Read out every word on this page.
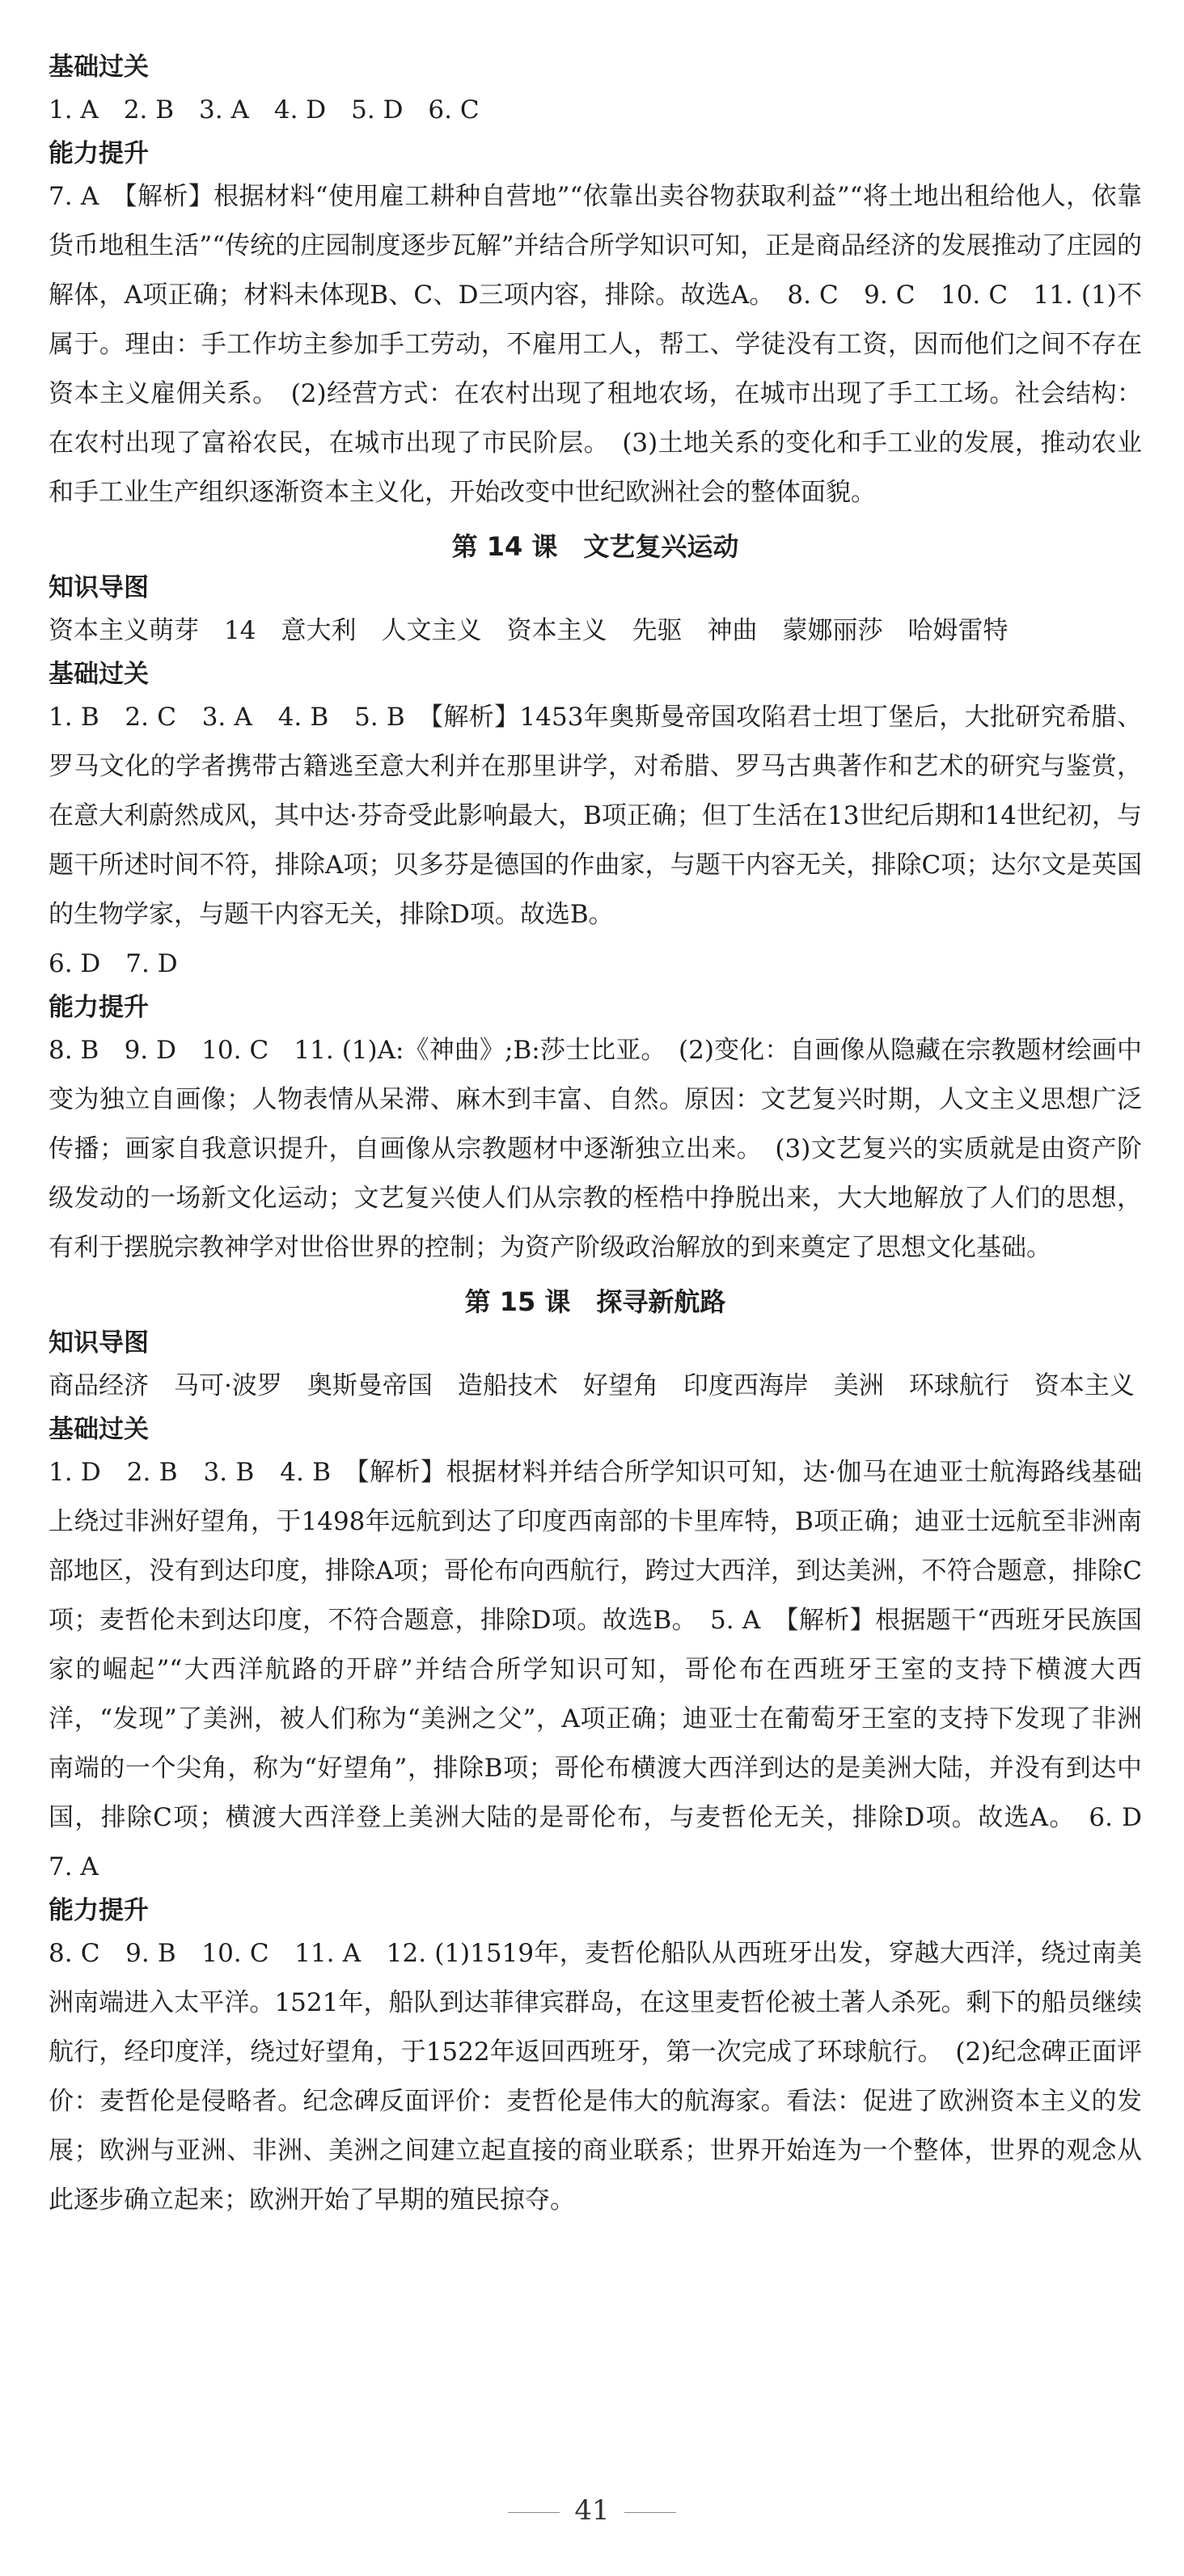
基础过关

1. A　2. B　3. A　4. D　5. D　6. C

能力提升

7. A　【解析】根据材料“使用雇工耕种自营地”“依靠出卖谷物获取利益”“将土地出租给他人，依靠货币地租生活”“传统的庄园制度逐步瓦解”并结合所学知识可知，正是商品经济的发展推动了庄园的解体，A项正确；材料未体现B、C、D三项内容，排除。故选A。　8. C　9. C　10. C　11. (1)不属于。理由：手工作坊主参加手工劳动，不雇用工人，帮工、学徒没有工资，因而他们之间不存在资本主义雇佣关系。　(2)经营方式：在农村出现了租地农场，在城市出现了手工工场。社会结构：在农村出现了富裕农民，在城市出现了市民阶层。　(3)土地关系的变化和手工业的发展，推动农业和手工业生产组织逐渐资本主义化，开始改变中世纪欧洲社会的整体面貌。

第 14 课　文艺复兴运动

知识导图

资本主义萌芽　14　意大利　人文主义　资本主义　先驱　神曲　蒙娜丽莎　哈姆雷特

基础过关

1. B　2. C　3. A　4. B　5. B　【解析】1453年奥斯曼帝国攻陷君士坦丁堡后，大批研究希腊、罗马文化的学者携带古籍逃至意大利并在那里讲学，对希腊、罗马古典著作和艺术的研究与鉴赏，在意大利蔚然成风，其中达·芬奇受此影响最大，B项正确；但丁生活在13世纪后期和14世纪初，与题干所述时间不符，排除A项；贝多芬是德国的作曲家，与题干内容无关，排除C项；达尔文是英国的生物学家，与题干内容无关，排除D项。故选B。

6. D　7. D

能力提升

8. B　9. D　10. C　11. (1)A:《神曲》;B:莎士比亚。　(2)变化：自画像从隐藏在宗教题材绘画中变为独立自画像；人物表情从呆滞、麻木到丰富、自然。原因：文艺复兴时期，人文主义思想广泛传播；画家自我意识提升，自画像从宗教题材中逐渐独立出来。　(3)文艺复兴的实质就是由资产阶级发动的一场新文化运动；文艺复兴使人们从宗教的桎梏中挣脱出来，大大地解放了人们的思想，有利于摆脱宗教神学对世俗世界的控制；为资产阶级政治解放的到来奠定了思想文化基础。

第 15 课　探寻新航路

知识导图

商品经济　马可·波罗　奥斯曼帝国　造船技术　好望角　印度西海岸　美洲　环球航行　资本主义

基础过关

1. D　2. B　3. B　4. B　【解析】根据材料并结合所学知识可知，达·伽马在迪亚士航海路线基础上绕过非洲好望角，于1498年远航到达了印度西南部的卡里库特，B项正确；迪亚士远航至非洲南部地区，没有到达印度，排除A项；哥伦布向西航行，跨过大西洋，到达美洲，不符合题意，排除C项；麦哲伦未到达印度，不符合题意，排除D项。故选B。　5. A　【解析】根据题干“西班牙民族国家的崛起”“大西洋航路的开辟”并结合所学知识可知，哥伦布在西班牙王室的支持下横渡大西洋，“发现”了美洲，被人们称为“美洲之父”，A项正确；迪亚士在葡萄牙王室的支持下发现了非洲南端的一个尖角，称为“好望角”，排除B项；哥伦布横渡大西洋到达的是美洲大陆，并没有到达中国，排除C项；横渡大西洋登上美洲大陆的是哥伦布，与麦哲伦无关，排除D项。故选A。　6. D　7. A

能力提升

8. C　9. B　10. C　11. A　12. (1)1519年，麦哲伦船队从西班牙出发，穿越大西洋，绕过南美洲南端进入太平洋。1521年，船队到达菲律宾群岛，在这里麦哲伦被土著人杀死。剩下的船员继续航行，经印度洋，绕过好望角，于1522年返回西班牙，第一次完成了环球航行。　(2)纪念碑正面评价：麦哲伦是侵略者。纪念碑反面评价：麦哲伦是伟大的航海家。看法：促进了欧洲资本主义的发展；欧洲与亚洲、非洲、美洲之间建立起直接的商业联系；世界开始连为一个整体，世界的观念从此逐步确立起来；欧洲开始了早期的殖民掠夺。

41
